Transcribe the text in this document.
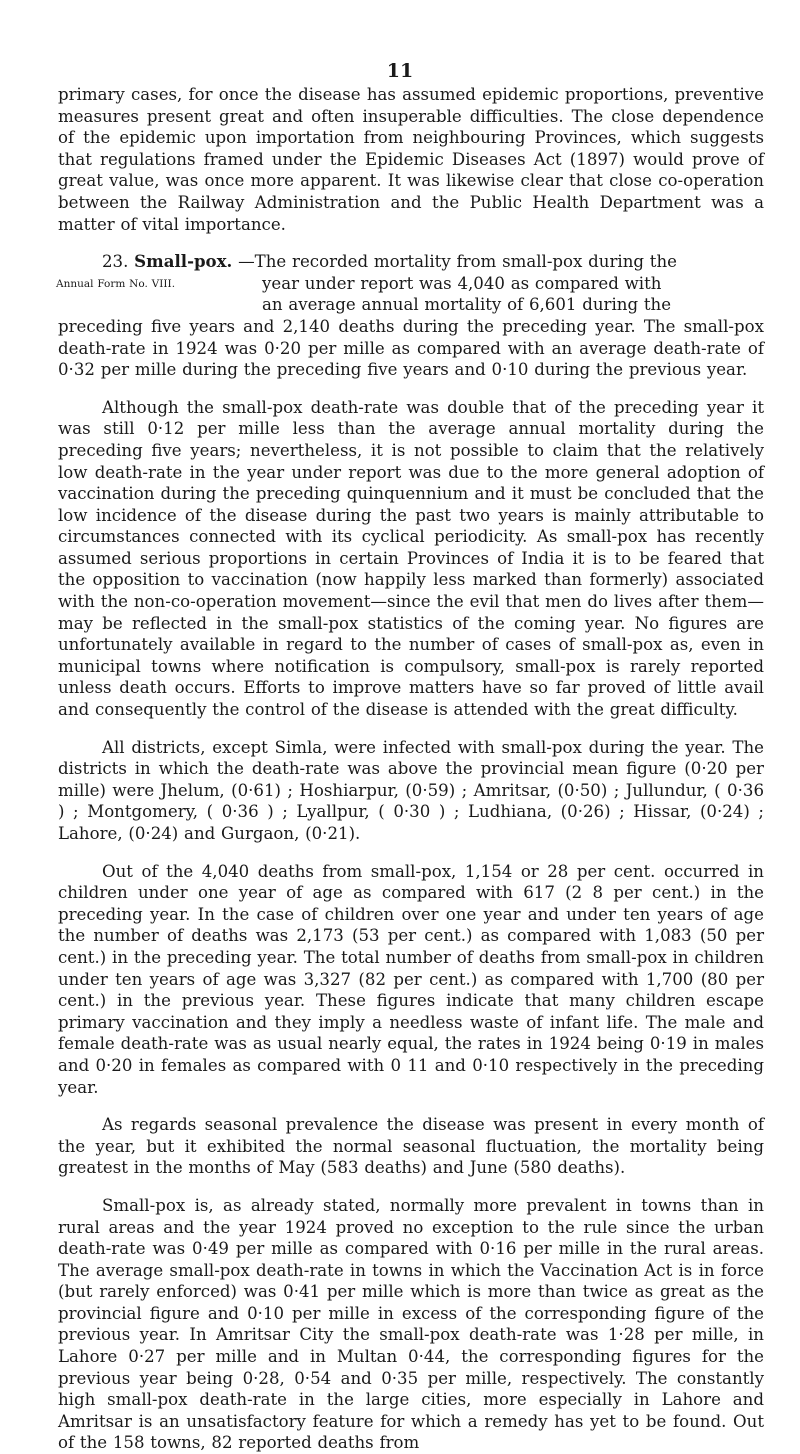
11

primary cases, for once the disease has assumed epidemic proportions, preventive measures present great and often insuperable difficulties. The close dependence of the epidemic upon importation from neighbouring Provinces, which suggests that regulations framed under the Epidemic Diseases Act (1897) would prove of great value, was once more apparent. It was likewise clear that close co-operation between the Railway Administration and the Public Health Department was a matter of vital importance.

Annual Form No. VIII.

23. Small-pox. —The recorded mortality from small-pox during the

year under report was 4,040 as compared with

an average annual mortality of 6,601 during the

preceding five years and 2,140 deaths during the preceding year. The small-pox death-rate in 1924 was 0·20 per mille as compared with an average death-rate of 0·32 per mille during the preceding five years and 0·10 during the previous year.

Although the small-pox death-rate was double that of the preceding year it was still 0·12 per mille less than the average annual mortality during the preceding five years; nevertheless, it is not possible to claim that the relatively low death-rate in the year under report was due to the more general adoption of vaccination during the preceding quinquennium and it must be concluded that the low incidence of the disease during the past two years is mainly attributable to circumstances connected with its cyclical periodicity. As small-pox has recently assumed serious proportions in certain Provinces of India it is to be feared that the opposition to vaccination (now happily less marked than formerly) associated with the non-co-operation movement—since the evil that men do lives after them—may be reflected in the small-pox statistics of the coming year. No figures are unfortunately available in regard to the number of cases of small-pox as, even in municipal towns where notification is compulsory, small-pox is rarely reported unless death occurs. Efforts to improve matters have so far proved of little avail and consequently the control of the disease is attended with the great difficulty.

All districts, except Simla, were infected with small-pox during the year. The districts in which the death-rate was above the provincial mean figure (0·20 per mille) were Jhelum, (0·61) ; Hoshiarpur, (0·59) ; Amritsar, (0·50) ; Jullundur, ( 0·36 ) ; Montgomery, ( 0·36 ) ; Lyallpur, ( 0·30 ) ; Ludhiana, (0·26) ; Hissar, (0·24) ; Lahore, (0·24) and Gurgaon, (0·21).

Out of the 4,040 deaths from small-pox, 1,154 or 28 per cent. occurred in children under one year of age as compared with 617 (2 8 per cent.) in the preceding year. In the case of children over one year and under ten years of age the number of deaths was 2,173 (53 per cent.) as compared with 1,083 (50 per cent.) in the preceding year. The total number of deaths from small-pox in children under ten years of age was 3,327 (82 per cent.) as compared with 1,700 (80 per cent.) in the previous year. These figures indicate that many children escape primary vaccination and they imply a needless waste of infant life. The male and female death-rate was as usual nearly equal, the rates in 1924 being 0·19 in males and 0·20 in females as compared with 0 11 and 0·10 respectively in the preceding year.

As regards seasonal prevalence the disease was present in every month of the year, but it exhibited the normal seasonal fluctuation, the mortality being greatest in the months of May (583 deaths) and June (580 deaths).

Small-pox is, as already stated, normally more prevalent in towns than in rural areas and the year 1924 proved no exception to the rule since the urban death-rate was 0·49 per mille as compared with 0·16 per mille in the rural areas. The average small-pox death-rate in towns in which the Vaccination Act is in force (but rarely enforced) was 0·41 per mille which is more than twice as great as the provincial figure and 0·10 per mille in excess of the corresponding figure of the previous year. In Amritsar City the small-pox death-rate was 1·28 per mille, in Lahore 0·27 per mille and in Multan 0·44, the corresponding figures for the previous year being 0·28, 0·54 and 0·35 per mille, respectively. The constantly high small-pox death-rate in the large cities, more especially in Lahore and Amritsar is an unsatisfactory feature for which a remedy has yet to be found. Out of the 158 towns, 82 reported deaths from
